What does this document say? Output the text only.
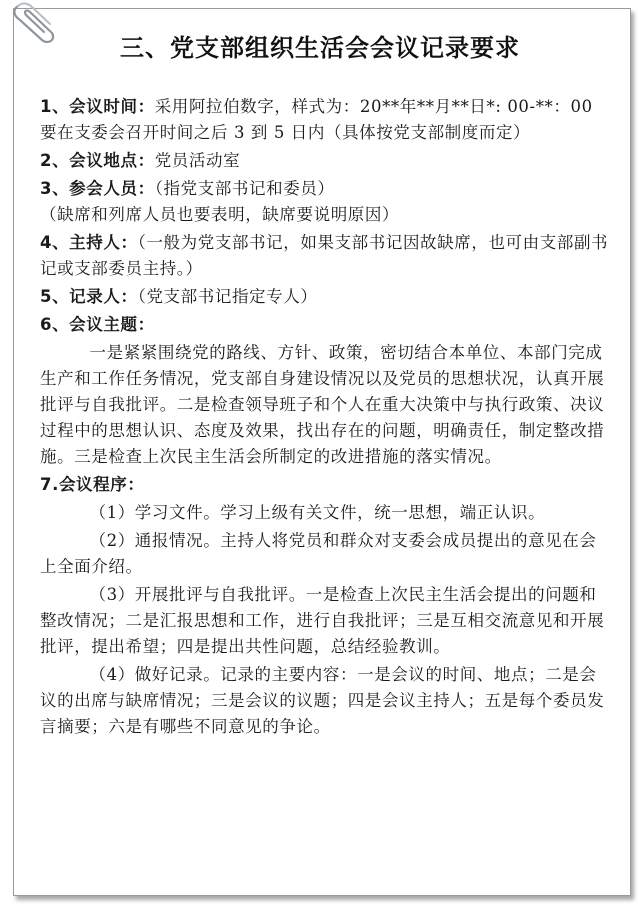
三、党支部组织生活会会议记录要求

1、会议时间：采用阿拉伯数字，样式为：20**年**月**日*: 00-**：00 要在支委会召开时间之后 3 到 5 日内（具体按党支部制度而定）

2、会议地点：党员活动室

3、参会人员：（指党支部书记和委员）

（缺席和列席人员也要表明，缺席要说明原因）

4、主持人：（一般为党支部书记，如果支部书记因故缺席，也可由支部副书记或支部委员主持。）

5、记录人：（党支部书记指定专人）

6、会议主题：

一是紧紧围绕党的路线、方针、政策，密切结合本单位、本部门完成生产和工作任务情况，党支部自身建设情况以及党员的思想状况，认真开展批评与自我批评。二是检查领导班子和个人在重大决策中与执行政策、决议过程中的思想认识、态度及效果，找出存在的问题，明确责任，制定整改措施。三是检查上次民主生活会所制定的改进措施的落实情况。

7.会议程序：

（1）学习文件。学习上级有关文件，统一思想，端正认识。

（2）通报情况。主持人将党员和群众对支委会成员提出的意见在会上全面介绍。

（3）开展批评与自我批评。一是检查上次民主生活会提出的问题和整改情况；二是汇报思想和工作，进行自我批评；三是互相交流意见和开展批评，提出希望；四是提出共性问题，总结经验教训。

（4）做好记录。记录的主要内容：一是会议的时间、地点；二是会议的出席与缺席情况；三是会议的议题；四是会议主持人；五是每个委员发言摘要；六是有哪些不同意见的争论。
